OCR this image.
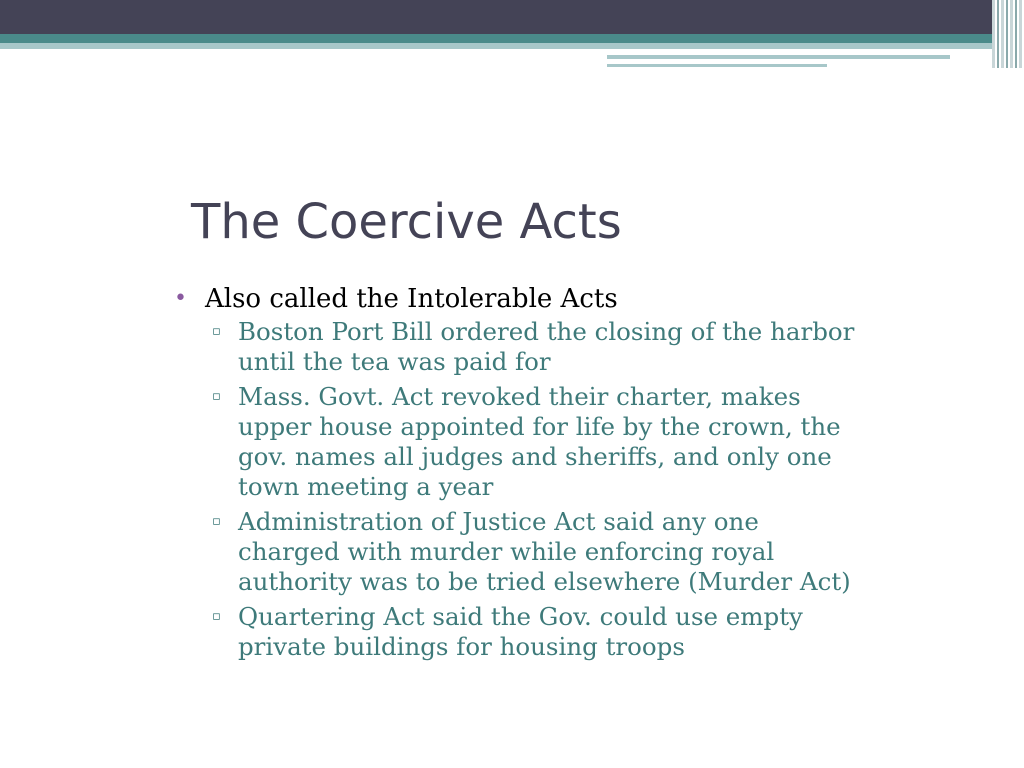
The Coercive Acts
• Also called the Intolerable Acts
▫ Boston Port Bill ordered the closing of the harbor until the tea was paid for
▫ Mass. Govt. Act revoked their charter, makes upper house appointed for life by the crown, the gov. names all judges and sheriffs, and only one town meeting a year
▫ Administration of Justice Act said any one charged with murder while enforcing royal authority was to be tried elsewhere (Murder Act)
▫ Quartering Act said the Gov. could use empty private buildings for housing troops
